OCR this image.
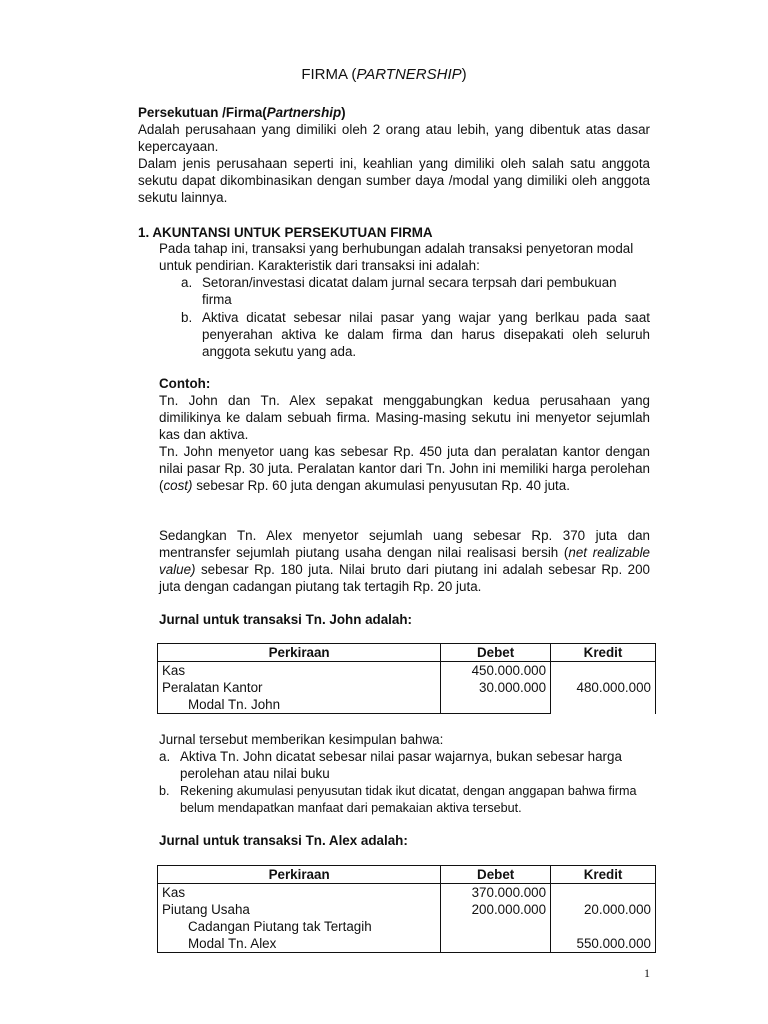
FIRMA (PARTNERSHIP)
Persekutuan /Firma(Partnership)
Adalah perusahaan yang dimiliki oleh 2 orang atau lebih, yang dibentuk atas dasar kepercayaan.
Dalam jenis perusahaan seperti ini, keahlian yang dimiliki oleh salah satu anggota sekutu dapat dikombinasikan dengan sumber daya /modal yang dimiliki oleh anggota sekutu lainnya.
1. AKUNTANSI UNTUK PERSEKUTUAN FIRMA
Pada tahap ini, transaksi yang berhubungan adalah transaksi penyetoran modal untuk pendirian. Karakteristik dari transaksi ini adalah:
a. Setoran/investasi dicatat dalam jurnal secara terpsah dari pembukuan firma
b. Aktiva dicatat sebesar nilai pasar yang wajar yang berlkau pada saat penyerahan aktiva ke dalam firma dan harus disepakati oleh seluruh anggota sekutu yang ada.
Contoh:
Tn. John dan Tn. Alex sepakat menggabungkan kedua perusahaan yang dimilikinya ke dalam sebuah firma. Masing-masing sekutu ini menyetor sejumlah kas dan aktiva.
Tn. John menyetor uang kas sebesar Rp. 450 juta dan peralatan kantor dengan nilai pasar Rp. 30 juta. Peralatan kantor dari Tn. John ini memiliki harga perolehan (cost) sebesar Rp. 60 juta dengan akumulasi penyusutan Rp. 40 juta.
Sedangkan Tn. Alex menyetor sejumlah uang sebesar Rp. 370 juta dan mentransfer sejumlah piutang usaha dengan nilai realisasi bersih (net realizable value) sebesar Rp. 180 juta. Nilai bruto dari piutang ini adalah sebesar Rp. 200 juta dengan cadangan piutang tak tertagih Rp. 20 juta.
Jurnal untuk transaksi Tn. John adalah:
Perkiraan	Debet	Kredit
Kas	450.000.000	
Peralatan Kantor	30.000.000	480.000.000
Modal Tn. John		
Jurnal tersebut memberikan kesimpulan bahwa:
a. Aktiva Tn. John dicatat sebesar nilai pasar wajarnya, bukan sebesar harga perolehan atau nilai buku
b. Rekening akumulasi penyusutan tidak ikut dicatat, dengan anggapan bahwa firma belum mendapatkan manfaat dari pemakaian aktiva tersebut.
Jurnal untuk transaksi Tn. Alex adalah:
Perkiraan	Debet	Kredit
Kas	370.000.000	
Piutang Usaha	200.000.000	20.000.000
Cadangan Piutang tak Tertagih		
Modal Tn. Alex		550.000.000
1
